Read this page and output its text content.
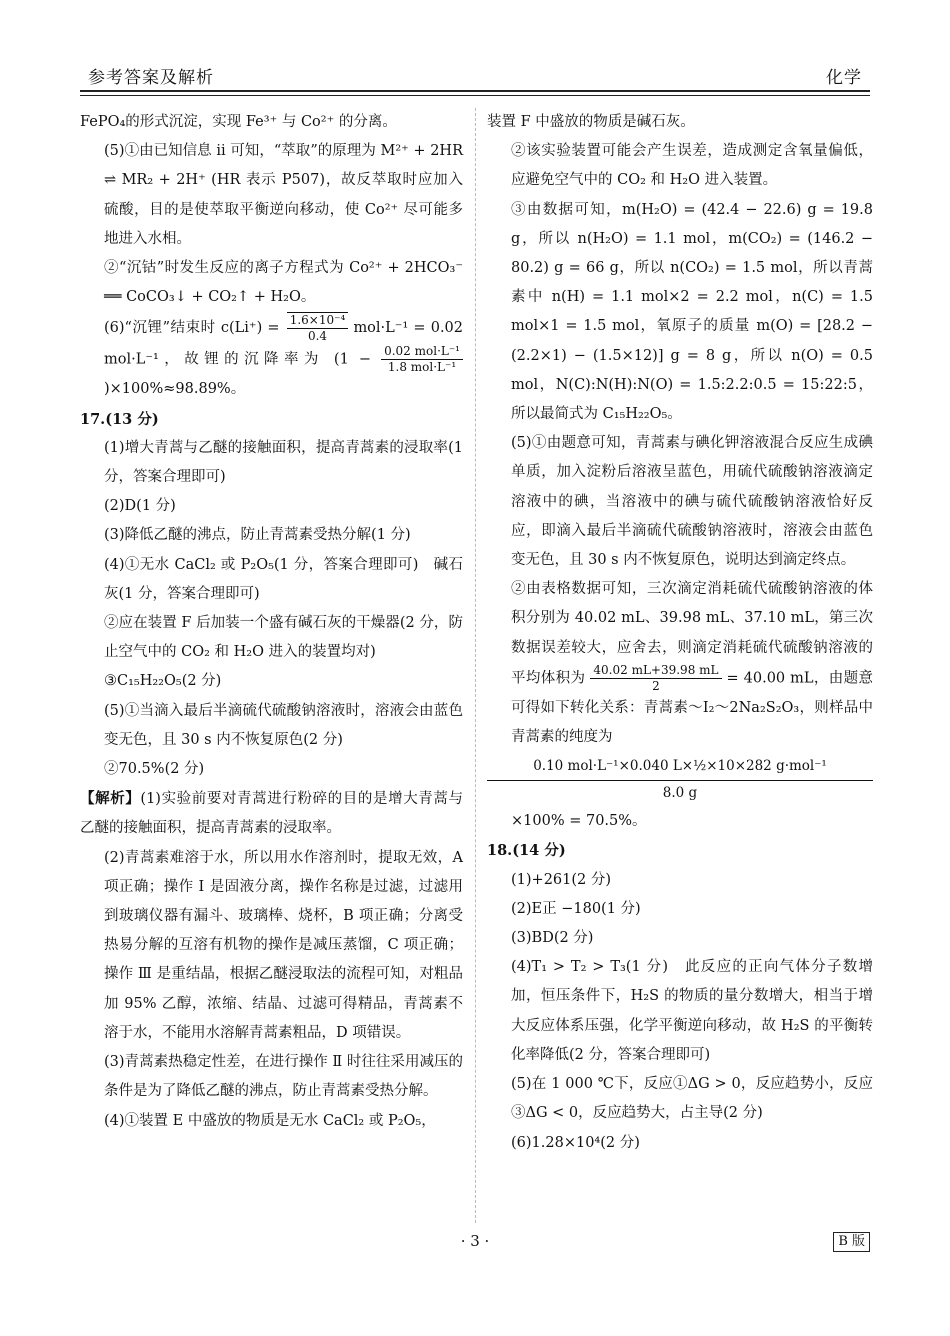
参考答案及解析	化学

FePO₄的形式沉淀，实现 Fe³⁺ 与 Co²⁺ 的分离。

(5)①由已知信息 ⅱ 可知，“萃取”的原理为 M²⁺ + 2HR ⇌ MR₂ + 2H⁺ (HR 表示 P507)，故反萃取时应加入硫酸，目的是使萃取平衡逆向移动，使 Co²⁺ 尽可能多地进入水相。

②“沉钴”时发生反应的离子方程式为 Co²⁺ + 2HCO₃⁻ ══ CoCO₃↓ + CO₂↑ + H₂O。

(6)“沉锂”结束时 $c(Li^+) = \frac{\text{1.6×10⁻⁴}}{0.4} mol\cdot L^{-1} = 0.02$ mol·L⁻¹，故锂的沉降率为 ($1 - \frac{\text{0.02 mol·L⁻¹}}{\text{1.8 mol·L⁻¹}}$
)×100%≈98.89%。

17.(13 分)

(1)增大青蒿与乙醚的接触面积，提高青蒿素的浸取率(1 分，答案合理即可)

(2)D(1 分)

(3)降低乙醚的沸点，防止青蒿素受热分解(1 分)

(4)①无水 CaCl₂ 或 P₂O₅(1 分，答案合理即可)　碱石灰(1 分，答案合理即可)

②应在装置 F 后加装一个盛有碱石灰的干燥器(2 分，防止空气中的 CO₂ 和 H₂O 进入的装置均对)

③C₁₅H₂₂O₅(2 分)

(5)①当滴入最后半滴硫代硫酸钠溶液时，溶液会由蓝色变无色，且 30 s 内不恢复原色(2 分)

②70.5%(2 分)

【解析】(1)实验前要对青蒿进行粉碎的目的是增大青蒿与乙醚的接触面积，提高青蒿素的浸取率。

(2)青蒿素难溶于水，所以用水作溶剂时，提取无效，A 项正确；操作 Ⅰ 是固液分离，操作名称是过滤，过滤用到玻璃仪器有漏斗、玻璃棒、烧杯，B 项正确；分离受热易分解的互溶有机物的操作是减压蒸馏，C 项正确；操作 Ⅲ 是重结晶，根据乙醚浸取法的流程可知，对粗品加 95% 乙醇，浓缩、结晶、过滤可得精品，青蒿素不溶于水，不能用水溶解青蒿素粗品，D 项错误。

(3)青蒿素热稳定性差，在进行操作 Ⅱ 时往往采用减压的条件是为了降低乙醚的沸点，防止青蒿素受热分解。

(4)①装置 E 中盛放的物质是无水 CaCl₂ 或 P₂O₅，

装置 F 中盛放的物质是碱石灰。

②该实验装置可能会产生误差，造成测定含氧量偏低，应避免空气中的 CO₂ 和 H₂O 进入装置。

③由数据可知，m(H₂O) = (42.4 − 22.6) g = 19.8 g，所以 n(H₂O) = 1.1 mol，m(CO₂) = (146.2 − 80.2) g = 66 g，所以 n(CO₂) = 1.5 mol，所以青蒿素中 n(H) = 1.1 mol×2 = 2.2 mol，n(C) = 1.5 mol×1 = 1.5 mol，氧原子的质量 m(O) = [28.2 − (2.2×1) − (1.5×12)] g = 8 g，所以 n(O) = 0.5 mol，N(C):N(H):N(O) = 1.5:2.2:0.5 = 15:22:5，所以最简式为 C₁₅H₂₂O₅。

(5)①由题意可知，青蒿素与碘化钾溶液混合反应生成碘单质，加入淀粉后溶液呈蓝色，用硫代硫酸钠溶液滴定溶液中的碘，当溶液中的碘与硫代硫酸钠溶液恰好反应，即滴入最后半滴硫代硫酸钠溶液时，溶液会由蓝色变无色，且 30 s 内不恢复原色，说明达到滴定终点。

②由表格数据可知，三次滴定消耗硫代硫酸钠溶液的体积分别为 40.02 mL、39.98 mL、37.10 mL，第三次数据误差较大，应舍去，则滴定消耗硫代硫酸钠溶液的平均体积为 $\frac{40.02 mL+39.98 mL}{2} = 40.00$ mL，由题意可得如下转化关系：青蒿素～I₂～2Na₂S₂O₃，则样品中青蒿素的纯度为

0.10 mol·L⁻¹×0.040 L×½×10×282 g·mol⁻¹
8.0 g

×100% = 70.5%。

18.(14 分)

(1)+261(2 分)

(2)E正 −180(1 分)

(3)BD(2 分)

(4)T₁ > T₂ > T₃(1 分)　此反应的正向气体分子数增加，恒压条件下，H₂S 的物质的量分数增大，相当于增大反应体系压强，化学平衡逆向移动，故 H₂S 的平衡转化率降低(2 分，答案合理即可)

(5)在 1 000 ℃下，反应①ΔG > 0，反应趋势小，反应③ΔG < 0，反应趋势大，占主导(2 分)

(6)1.28×10⁴(2 分)

· 3 ·	B 版
